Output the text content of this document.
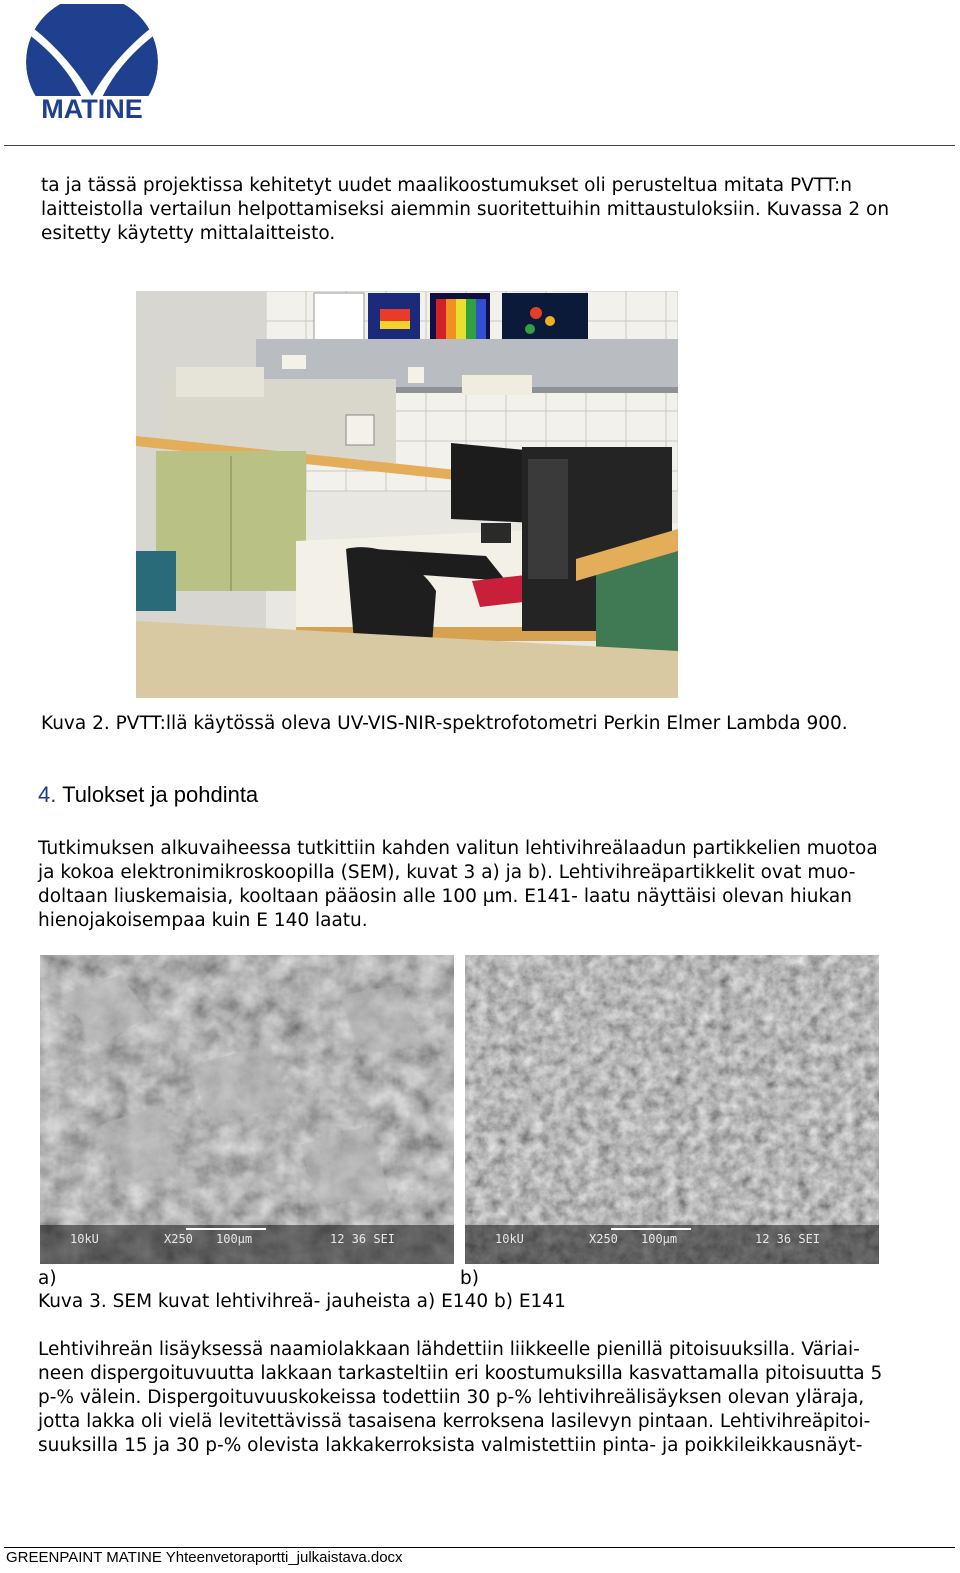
MATINE

ta ja tässä projektissa kehitetyt uudet maalikoostumukset oli perusteltua mitata PVTT:n
laitteistolla vertailun helpottamiseksi aiemmin suoritettuihin mittaustuloksiin. Kuvassa 2 on
esitetty käytetty mittalaitteisto.

Kuva 2. PVTT:llä käytössä oleva UV-VIS-NIR-spektrofotometri Perkin Elmer Lambda 900.

4. Tulokset ja pohdinta

Tutkimuksen alkuvaiheessa tutkittiin kahden valitun lehtivihreälaadun partikkelien muotoa
ja kokoa elektronimikroskoopilla (SEM), kuvat 3 a) ja b). Lehtivihreäpartikkelit ovat muo-
doltaan liuskemaisia, kooltaan pääosin alle 100 µm. E141- laatu näyttäisi olevan hiukan
hienojakoisempaa kuin E 140 laatu.

10kU	X250 100µm	12 36 SEI	10kU	X250 100µm	12 36 SEI
a)	b)

Kuva 3. SEM kuvat lehtivihreä- jauheista a) E140 b) E141

Lehtivihreän lisäyksessä naamiolakkaan lähdettiin liikkeelle pienillä pitoisuuksilla. Väriai-
neen dispergoituvuutta lakkaan tarkasteltiin eri koostumuksilla kasvattamalla pitoisuutta 5
p-% välein. Dispergoituvuuskokeissa todettiin 30 p-% lehtivihreälisäyksen olevan yläraja,
jotta lakka oli vielä levitettävissä tasaisena kerroksena lasilevyn pintaan. Lehtivihreäpitoi-
suuksilla 15 ja 30 p-% olevista lakkakerroksista valmistettiin pinta- ja poikkileikkausnäyt-

GREENPAINT MATINE Yhteenvetoraportti_julkaistava.docx
